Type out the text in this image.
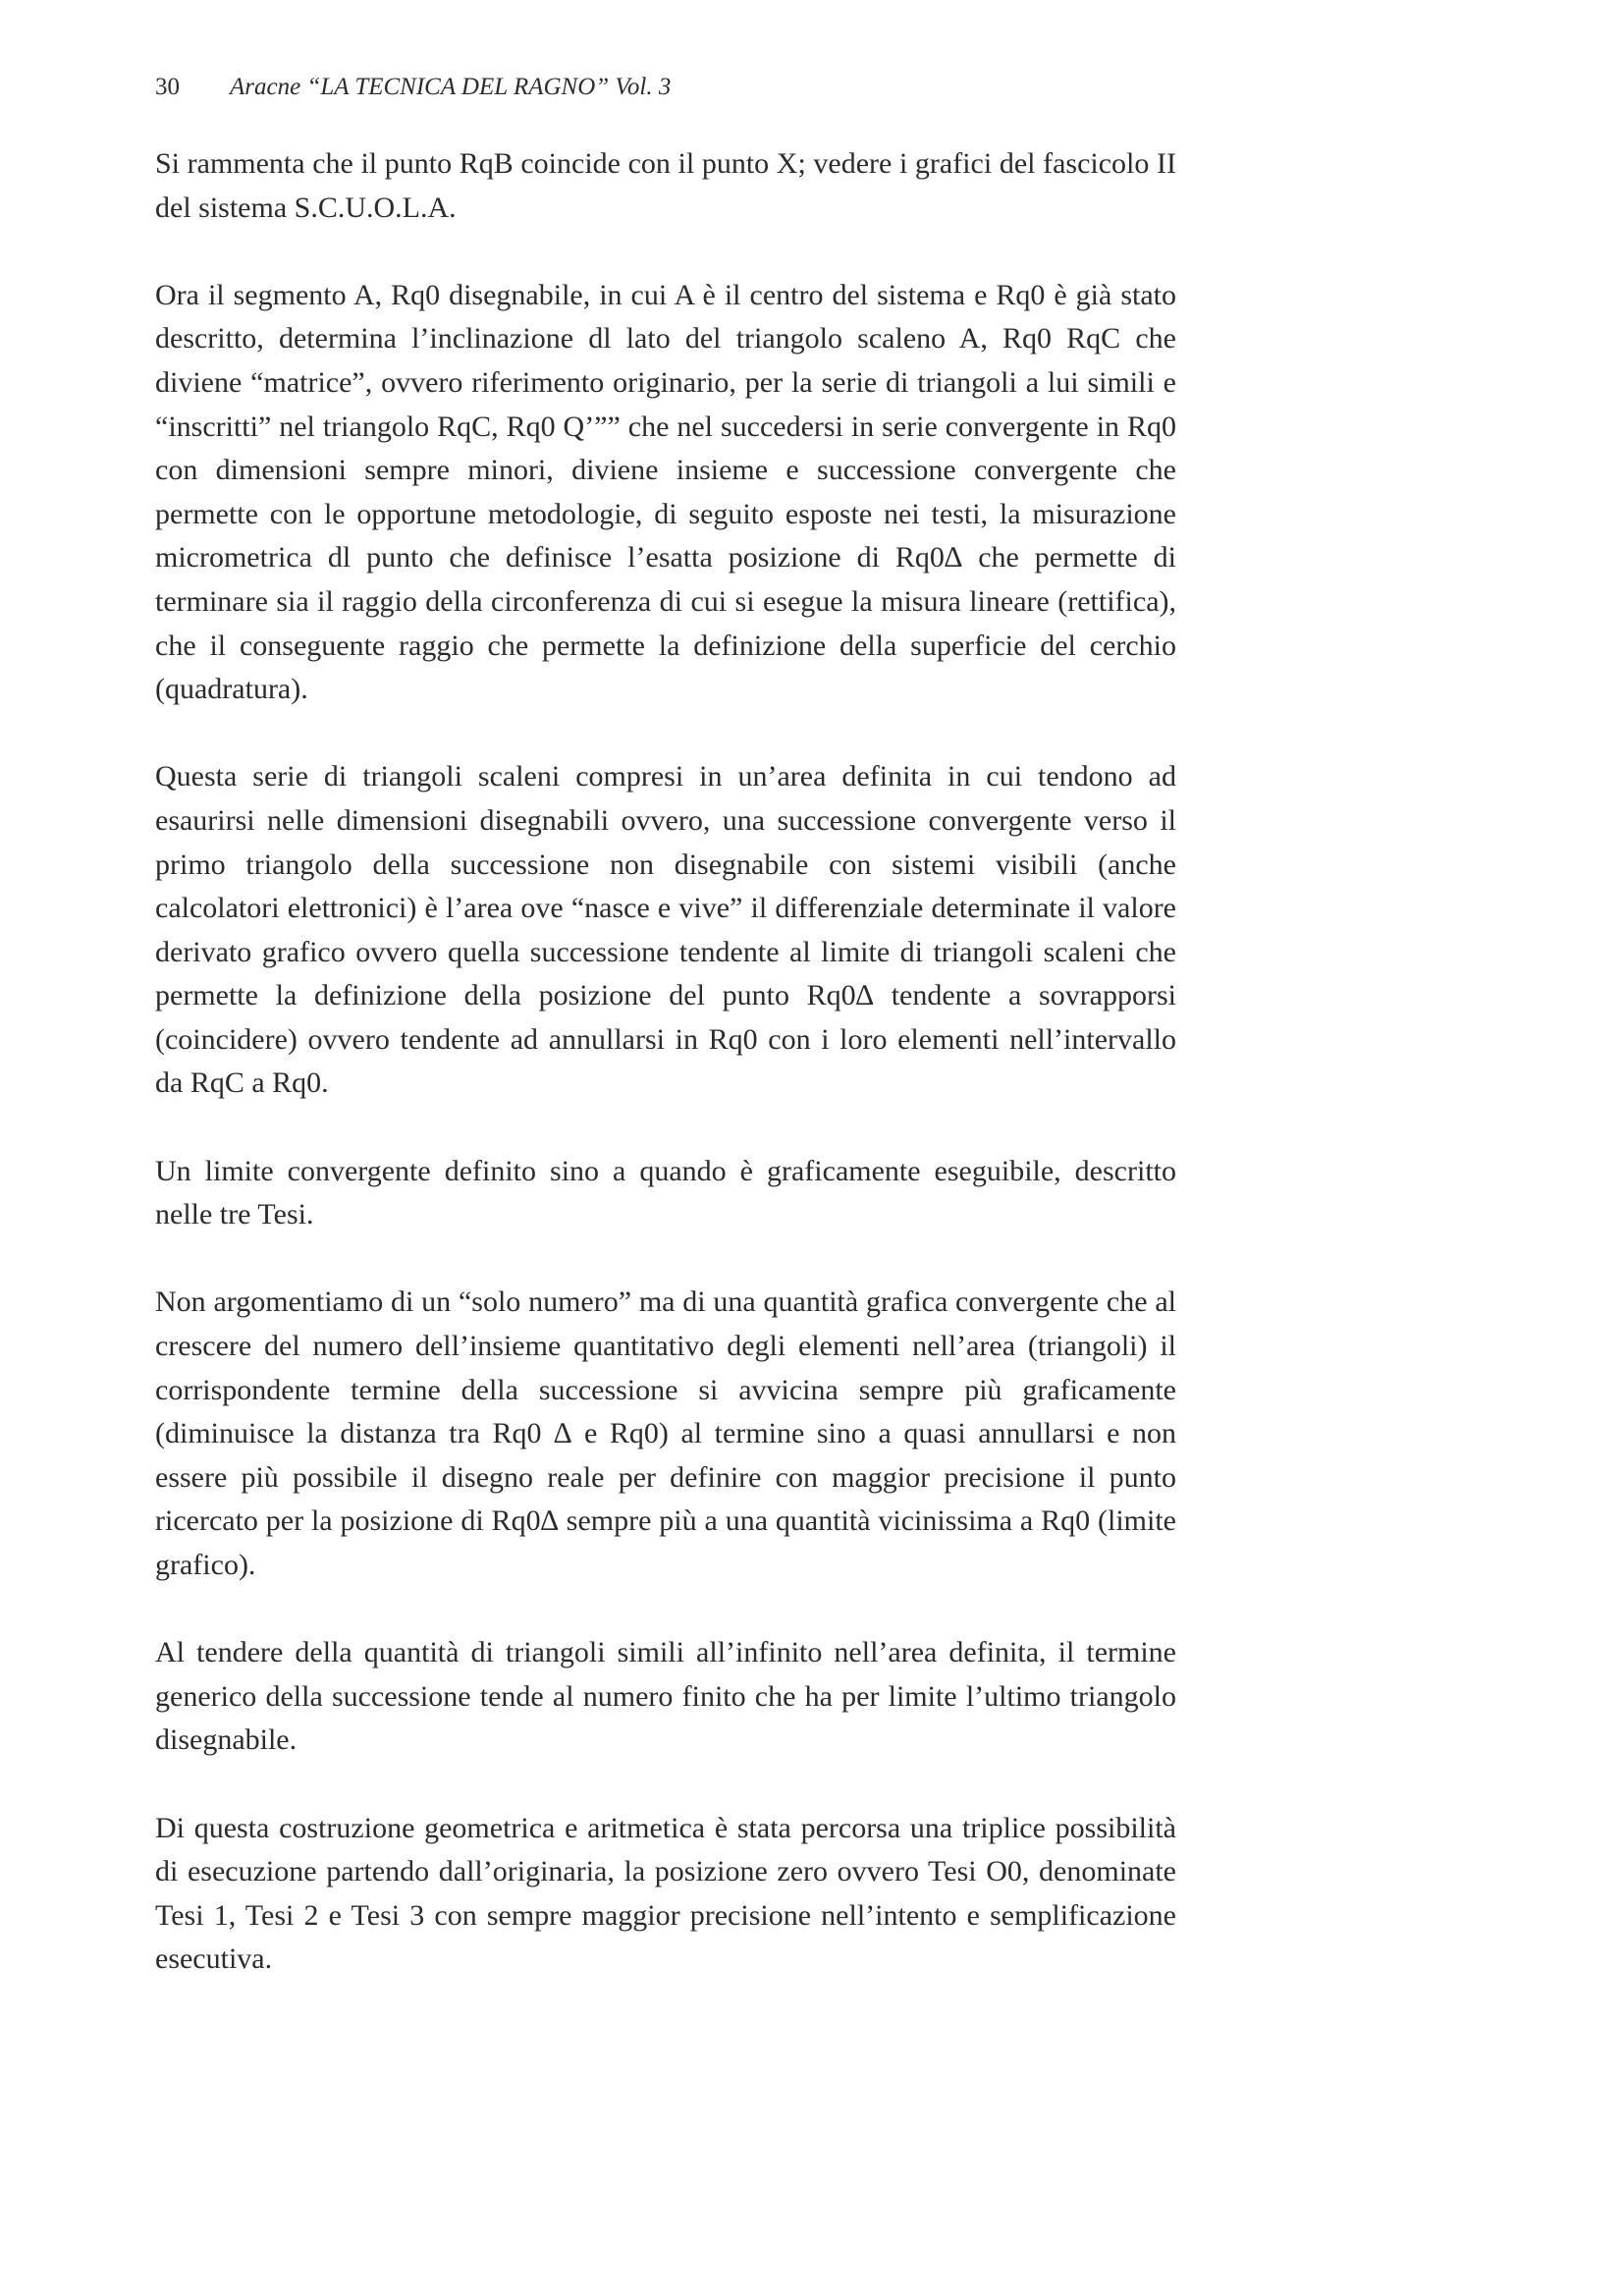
30 Aracne “LA TECNICA DEL RAGNO” Vol. 3

Si rammenta che il punto RqB coincide con il punto X; vedere i grafici del fascicolo II del sistema S.C.U.O.L.A.

Ora il segmento A, Rq0 disegnabile, in cui A è il centro del sistema e Rq0 è già stato descritto, determina l’inclinazione dl lato del triangolo scaleno A, Rq0 RqC che diviene “matrice”, ovvero riferimento originario, per la serie di triangoli a lui simili e “inscritti” nel triangolo RqC, Rq0 Q’”” che nel succedersi in serie convergente in Rq0 con dimensioni sempre minori, diviene insieme e successione convergente che permette con le opportune metodologie, di seguito esposte nei testi, la misurazione micrometrica dl punto che definisce l’esatta posizione di Rq0∆ che permette di terminare sia il raggio della circonferenza di cui si esegue la misura lineare (rettifica), che il conseguente raggio che permette la definizione della superficie del cerchio (quadratura).

Questa serie di triangoli scaleni compresi in un’area definita in cui tendono ad esaurirsi nelle dimensioni disegnabili ovvero, una successione convergente verso il primo triangolo della successione non disegnabile con sistemi visibili (anche calcolatori elettronici) è l’area ove “nasce e vive” il differenziale determinate il valore derivato grafico ovvero quella successione tendente al limite di triangoli scaleni che permette la definizione della posizione del punto Rq0∆ tendente a sovrapporsi (coincidere) ovvero tendente ad annullarsi in Rq0 con i loro elementi nell’intervallo da RqC a Rq0.

Un limite convergente definito sino a quando è graficamente eseguibile, descritto nelle tre Tesi.

Non argomentiamo di un “solo numero” ma di una quantità grafica convergente che al crescere del numero dell’insieme quantitativo degli elementi nell’area (triangoli) il corrispondente termine della successione si avvicina sempre più graficamente (diminuisce la distanza tra Rq0 ∆ e Rq0) al termine sino a quasi annullarsi e non essere più possibile il disegno reale per definire con maggior precisione il punto ricercato per la posizione di Rq0∆ sempre più a una quantità vicinissima a Rq0 (limite grafico).

Al tendere della quantità di triangoli simili all’infinito nell’area definita, il termine generico della successione tende al numero finito che ha per limite l’ultimo triangolo disegnabile.

Di questa costruzione geometrica e aritmetica è stata percorsa una triplice possibilità di esecuzione partendo dall’originaria, la posizione zero ovvero Tesi O0, denominate Tesi 1, Tesi 2 e Tesi 3 con sempre maggior precisione nell’intento e semplificazione esecutiva.
